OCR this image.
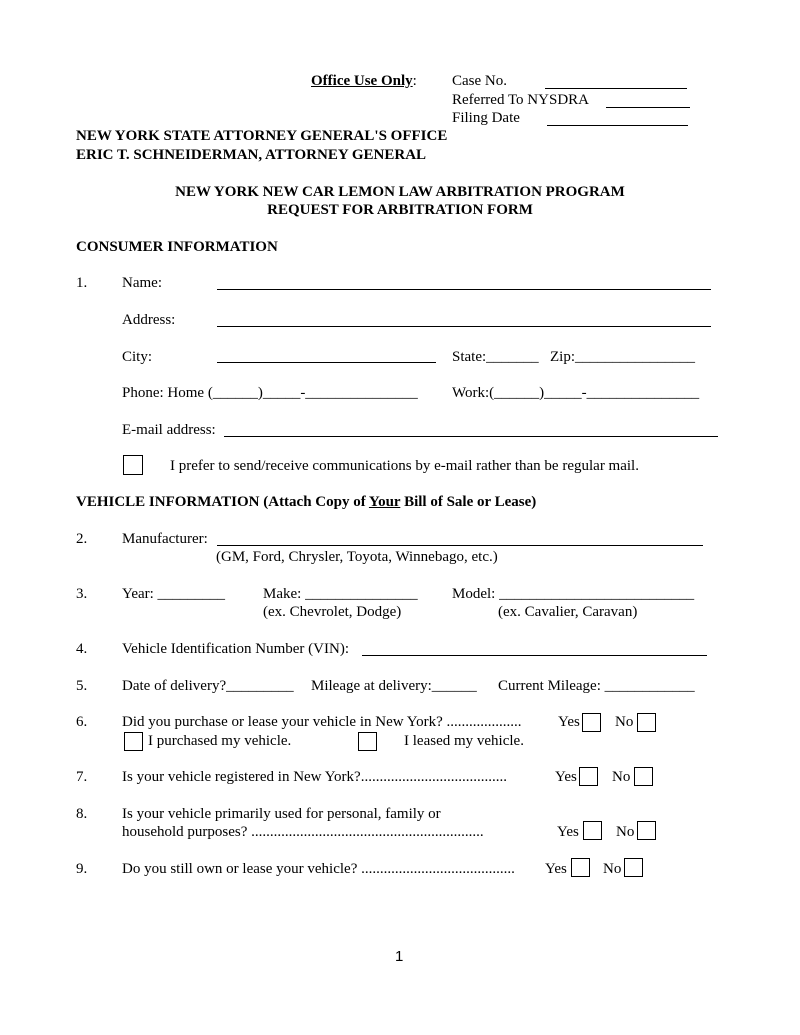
Office Use Only: Case No.
Referred To NYSDRA
Filing Date
NEW YORK STATE ATTORNEY GENERAL'S OFFICE
ERIC T. SCHNEIDERMAN, ATTORNEY GENERAL
NEW YORK NEW CAR LEMON LAW ARBITRATION PROGRAM
REQUEST FOR ARBITRATION FORM
CONSUMER INFORMATION
1. Name:
Address:
City:	State:_______ Zip:________________
Phone: Home (______)_____-_______________ Work:(______)_____-_______________
E-mail address:
I prefer to send/receive communications by e-mail rather than be regular mail.
VEHICLE INFORMATION (Attach Copy of Your Bill of Sale or Lease)
2. Manufacturer:
(GM, Ford, Chrysler, Toyota, Winnebago, etc.)
3. Year: _________	Make: _______________
(ex. Chevrolet, Dodge)
Model: __________________________
(ex. Cavalier, Caravan)
4. Vehicle Identification Number (VIN):
5. Date of delivery?_________ Mileage at delivery:______ Current Mileage: ____________
6. Did you purchase or lease your vehicle in New York? .................... Yes No
I purchased my vehicle.	I leased my vehicle.
7. Is your vehicle registered in New York?.......................................	Yes No
8. Is your vehicle primarily used for personal, family or
household purposes? ..............................................................	Yes No
9. Do you still own or lease your vehicle? ......................................... Yes No
1
